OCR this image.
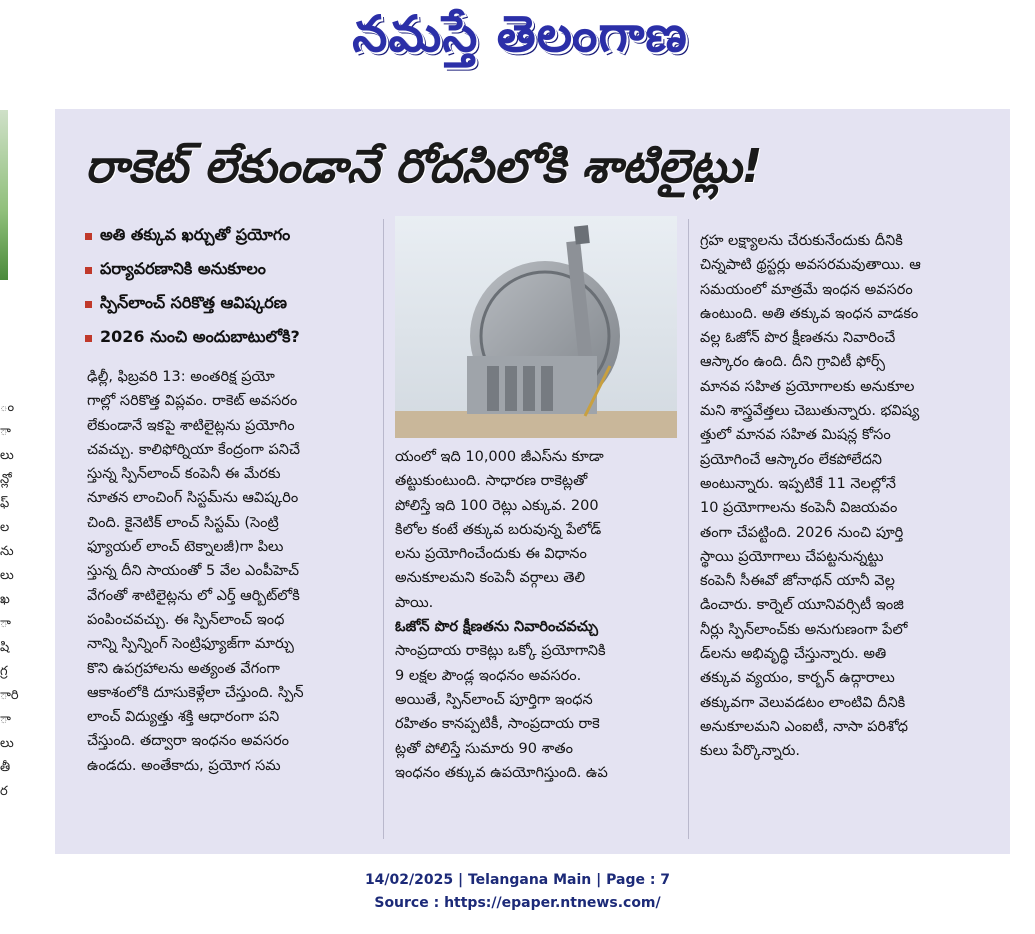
నమస్తే తెలంగాణ
ం
ా
లు
న్లో
ఫ్
ల
ను
లు
ఖ
ా
షి
గ్ర
ారి
ా
లు
తీ
ర
రాకెట్ లేకుండానే రోదసిలోకి శాటిలైట్లు!
అతి తక్కువ ఖర్చుతో ప్రయోగం
పర్యావరణానికి అనుకూలం
స్పిన్‌లాంచ్ సరికొత్త ఆవిష్కరణ
2026 నుంచి అందుబాటులోకి?

ఢిల్లీ, ఫిబ్రవరి 13: అంతరిక్ష ప్రయో

గాల్లో సరికొత్త విప్లవం. రాకెట్ అవసరం

లేకుండానే ఇకపై శాటిలైట్లను ప్రయోగిం

చవచ్చు. కాలిఫోర్నియా కేంద్రంగా పనిచే

స్తున్న స్పిన్‌లాంచ్ కంపెనీ ఈ మేరకు

నూతన లాంచింగ్ సిస్టమ్‌ను ఆవిష్కరిం

చింది. కైనెటిక్ లాంచ్ సిస్టమ్ (సెంట్రి

ఫ్యూయల్ లాంచ్ టెక్నాలజీ)గా పిలు

స్తున్న దీని సాయంతో 5 వేల ఎంపీహెచ్

వేగంతో శాటిలైట్లను లో ఎర్త్ ఆర్బిట్‌లోకి

పంపించవచ్చు. ఈ స్పిన్‌లాంచ్ ఇంధ

నాన్ని స్పిన్నింగ్ సెంట్రిఫ్యూజ్‌గా మార్చు

కొని ఉపగ్రహాలను అత్యంత వేగంగా

ఆకాశంలోకి దూసుకెళ్లేలా చేస్తుంది. స్పిన్

లాంచ్ విద్యుత్తు శక్తి ఆధారంగా పని

చేస్తుంది. తద్వారా ఇంధనం అవసరం

ఉండదు. అంతేకాదు, ప్రయోగ సమ

యంలో ఇది 10,000 జీఎస్‌ను కూడా

తట్టుకుంటుంది. సాధారణ రాకెట్లతో

పోలిస్తే ఇది 100 రెట్లు ఎక్కువ. 200

కిలోల కంటే తక్కువ బరువున్న పేలోడ్

లను ప్రయోగించేందుకు ఈ విధానం

అనుకూలమని కంపెనీ వర్గాలు తెలి

పాయి.

ఓజోన్ పొర క్షీణతను నివారించవచ్చు

సాంప్రదాయ రాకెట్లు ఒక్కో ప్రయోగానికి

9 లక్షల పౌండ్ల ఇంధనం అవసరం.

అయితే, స్పిన్‌లాంచ్ పూర్తిగా ఇంధన

రహితం కానప్పటికీ, సాంప్రదాయ రాకె

ట్లతో పోలిస్తే సుమారు 90 శాతం

ఇంధనం తక్కువ ఉపయోగిస్తుంది. ఉప

గ్రహ లక్ష్యాలను చేరుకునేందుకు దీనికి

చిన్నపాటి థ్రస్టర్లు అవసరమవుతాయి. ఆ

సమయంలో మాత్రమే ఇంధన అవసరం

ఉంటుంది. అతి తక్కువ ఇంధన వాడకం

వల్ల ఓజోన్ పొర క్షీణతను నివారించే

ఆస్కారం ఉంది. దీని గ్రావిటీ ఫోర్స్

మానవ సహిత ప్రయోగాలకు అనుకూల

మని శాస్త్రవేత్తలు చెబుతున్నారు. భవిష్య

త్తులో మానవ సహిత మిషన్ల కోసం

ప్రయోగించే ఆస్కారం లేకపోలేదని

అంటున్నారు. ఇప్పటికే 11 నెలల్లోనే

10 ప్రయోగాలను కంపెనీ విజయవం

తంగా చేపట్టింది. 2026 నుంచి పూర్తి

స్థాయి ప్రయోగాలు చేపట్టనున్నట్టు

కంపెనీ సీఈవో జోనాథన్ యానీ వెల్ల

డించారు. కార్నెల్ యూనివర్సిటీ ఇంజి

నీర్లు స్పిన్‌లాంచ్‌కు అనుగుణంగా పేలో

డ్‌లను అభివృద్ధి చేస్తున్నారు. అతి

తక్కువ వ్యయం, కార్బన్ ఉద్గారాలు

తక్కువగా వెలువడటం లాంటివి దీనికి

అనుకూలమని ఎంఐటీ, నాసా పరిశోధ

కులు పేర్కొన్నారు.

14/02/2025 | Telangana Main | Page : 7
Source : https://epaper.ntnews.com/
